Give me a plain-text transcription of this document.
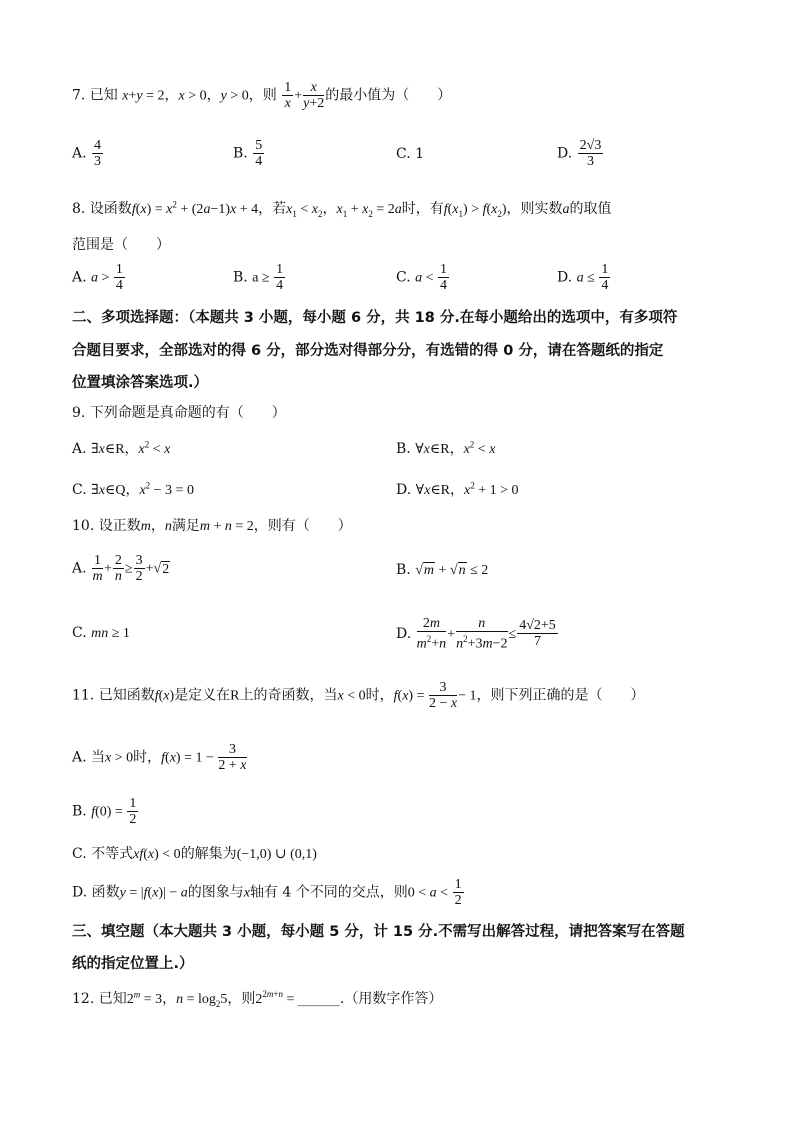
7. 已知 x+y = 2，x > 0，y > 0，则 $\frac{1}{x} + \frac{x}{y+2}$ 的最小值为（　　）
A. $\frac{4}{3}$	B. $\frac{5}{4}$	C. 1	D. $\frac{2√3}{3}$
8. 设函数$f(x) = x^2 + (2a-1)x + 4$，若$x_1 < x_2$，$x_1 + x_2 = 2a$时，有$f(x_1) > f(x_2)$，则实数a的取值
范围是（　　）
A. $a > \frac{1}{4}$	B. $a \ge \frac{1}{4}$	C. $a < \frac{1}{4}$	D. $a \le \frac{1}{4}$
二、多项选择题：（本题共 3 小题，每小题 6 分，共 18 分.在每小题给出的选项中，有多项符
合题目要求，全部选对的得 6 分，部分选对得部分分，有选错的得 0 分，请在答题纸的指定
位置填涂答案选项.）
9. 下列命题是真命题的有（　　）
A. ∃x∈R，$x^2 < x$	B. ∀x∈R，$x^2 < x$
C. ∃x∈Q，$x^2 - 3 = 0$	D. ∀x∈R，$x^2 + 1 > 0$
10. 设正数m，n满足m + n = 2，则有（　　）
A. $\frac{1}{m} + \frac{2}{n} \ge \frac{3}{2} +√2$	B. √m + √n ≤ 2
C. mn ≥ 1	D. $\frac{2m}{m^2+n} + \frac{n}{n^2+3m-2} \le \frac{4√2+5}{7}$
11. 已知函数f(x)是定义在R上的奇函数，当x < 0时，$f(x) = \frac{3}{2 - x} - 1$，则下列正确的是（　　）
A. 当x > 0时，$f(x) = 1 - \frac{3}{2 + x}$
B. $f(0) = \frac{1}{2}$
C. 不等式xf(x) < 0的解集为(−1,0) ∪ (0,1)
D. 函数y = |f(x)| − a的图象与x轴有 4 个不同的交点，则$0 < a < \frac{1}{2}$
三、填空题（本大题共 3 小题，每小题 5 分，计 15 分.不需写出解答过程，请把答案写在答题
纸的指定位置上.）
12. 已知$2^m = 3$，$n = \log_25$，则$2^{2m+n}$ = ______.（用数字作答）
